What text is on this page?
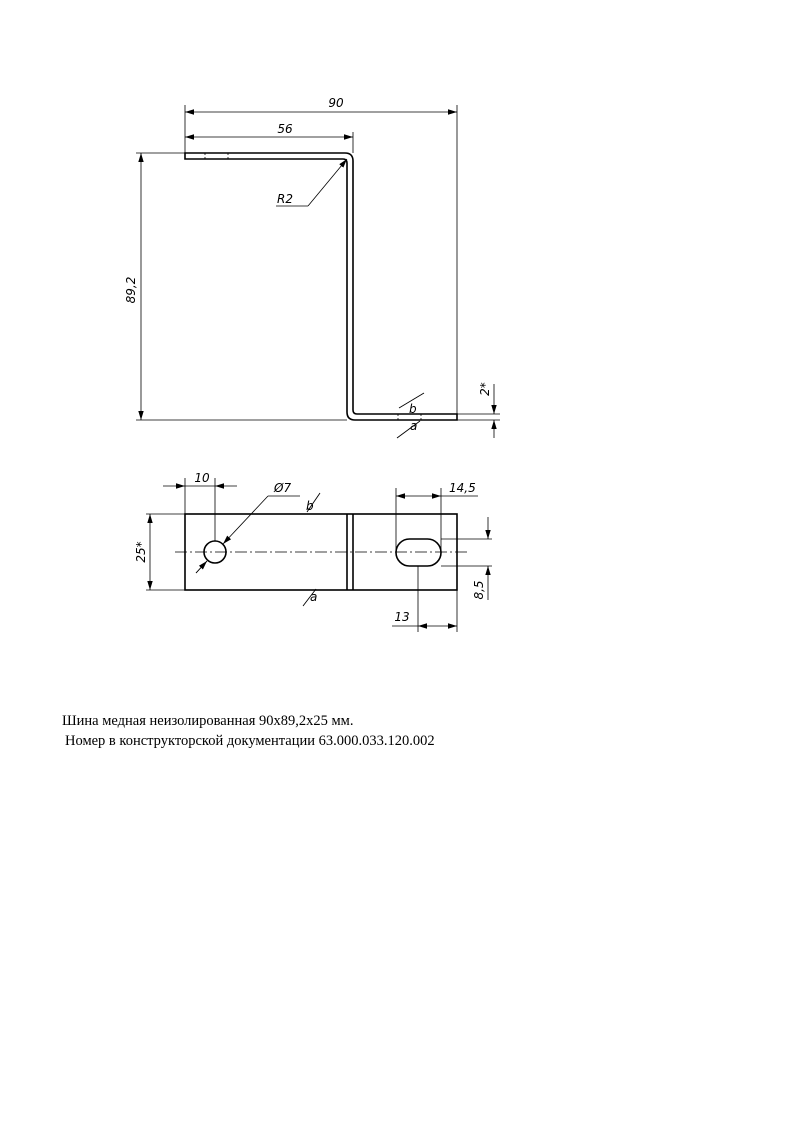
90
56
R2
89,2
2*
b
a
10
Ø7	14,5
25*
8,5
13
b
a
Шина медная неизолированная 90х89,2х25 мм.
Номер в конструкторской документации 63.000.033.120.002
